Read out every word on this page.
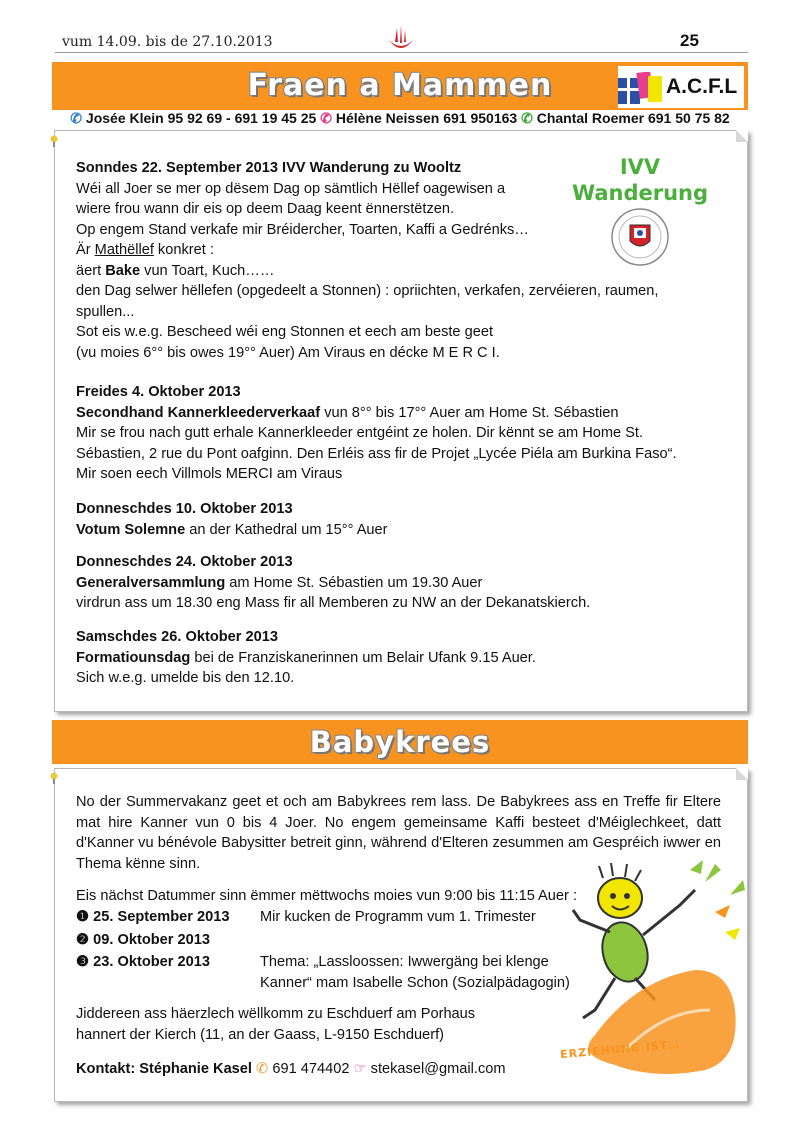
vum 14.09. bis de 27.10.2013	25
Fraen a Mammen	A.C.F.L
✆ Josée Klein 95 92 69 - 691 19 45 25 ✆ Hélène Neissen 691 950163 ✆ Chantal Roemer 691 50 75 82
IVV
Wanderung

Sonndes 22. September 2013 IVV Wanderung zu Wooltz

Wéi all Joer se mer op dësem Dag op sämtlich Hëllef oagewisen a

wiere frou wann dir eis op deem Daag keent ënnerstëtzen.

Op engem Stand verkafe mir Bréidercher, Toarten, Kaffi a Gedrénks…

Är Mathëllef konkret :

äert Bake vun Toart, Kuch……

den Dag selwer hëllefen (opgedeelt a Stonnen) : opriichten, verkafen, zervéieren, raumen,

spullen...

Sot eis w.e.g. Bescheed wéi eng Stonnen et eech am beste geet

(vu moies 6°° bis owes 19°° Auer) Am Viraus en décke M E R C I.

Freides 4. Oktober 2013

Secondhand Kannerkleederverkaaf vun 8°° bis 17°° Auer am Home St. Sébastien

Mir se frou nach gutt erhale Kannerkleeder entgéint ze holen. Dir kënnt se am Home St.

Sébastien, 2 rue du Pont oafginn. Den Erléis ass fir de Projet „Lycée Piéla am Burkina Faso“.

Mir soen eech Villmols MERCI am Viraus

Donneschdes 10. Oktober 2013

Votum Solemne an der Kathedral um 15°° Auer

Donneschdes 24. Oktober 2013

Generalversammlung am Home St. Sébastien um 19.30 Auer

virdrun ass um 18.30 eng Mass fir all Memberen zu NW an der Dekanatskierch.

Samschdes 26. Oktober 2013

Formatiounsdag bei de Franziskanerinnen um Belair Ufank 9.15 Auer.

Sich w.e.g. umelde bis den 12.10.

Babykrees
No der Summervakanz geet et och am Babykrees rem lass. De Babykrees ass en Treffe fir Eltere mat hire Kanner vun 0 bis 4 Joer. No engem gemeinsame Kaffi besteet d'Méiglechkeet, datt d'Kanner vu bénévole Babysitter betreit ginn, während d'Elteren zesummen am Gespréich iwwer en Thema kënne sinn.
Eis nächst Datummer sinn ëmmer mëttwochs moies vun 9:00 bis 11:15 Auer :
❶ 25. September 2013 Mir kucken de Programm vum 1. Trimester
❷ 09. Oktober 2013
❸ 23. Oktober 2013	Thema: „Lassloossen: Iwwergäng bei klenge
Kanner“ mam Isabelle Schon (Sozialpädagogin)
Jiddereen ass häerzlech wëllkomm zu Eschduerf am Porhaus
hannert der Kierch (11, an der Gaass, L-9150 Eschduerf)
Kontakt: Stéphanie Kasel ✆ 691 474402 ☞ stekasel@gmail.com
ERZIEHUNG IST…
